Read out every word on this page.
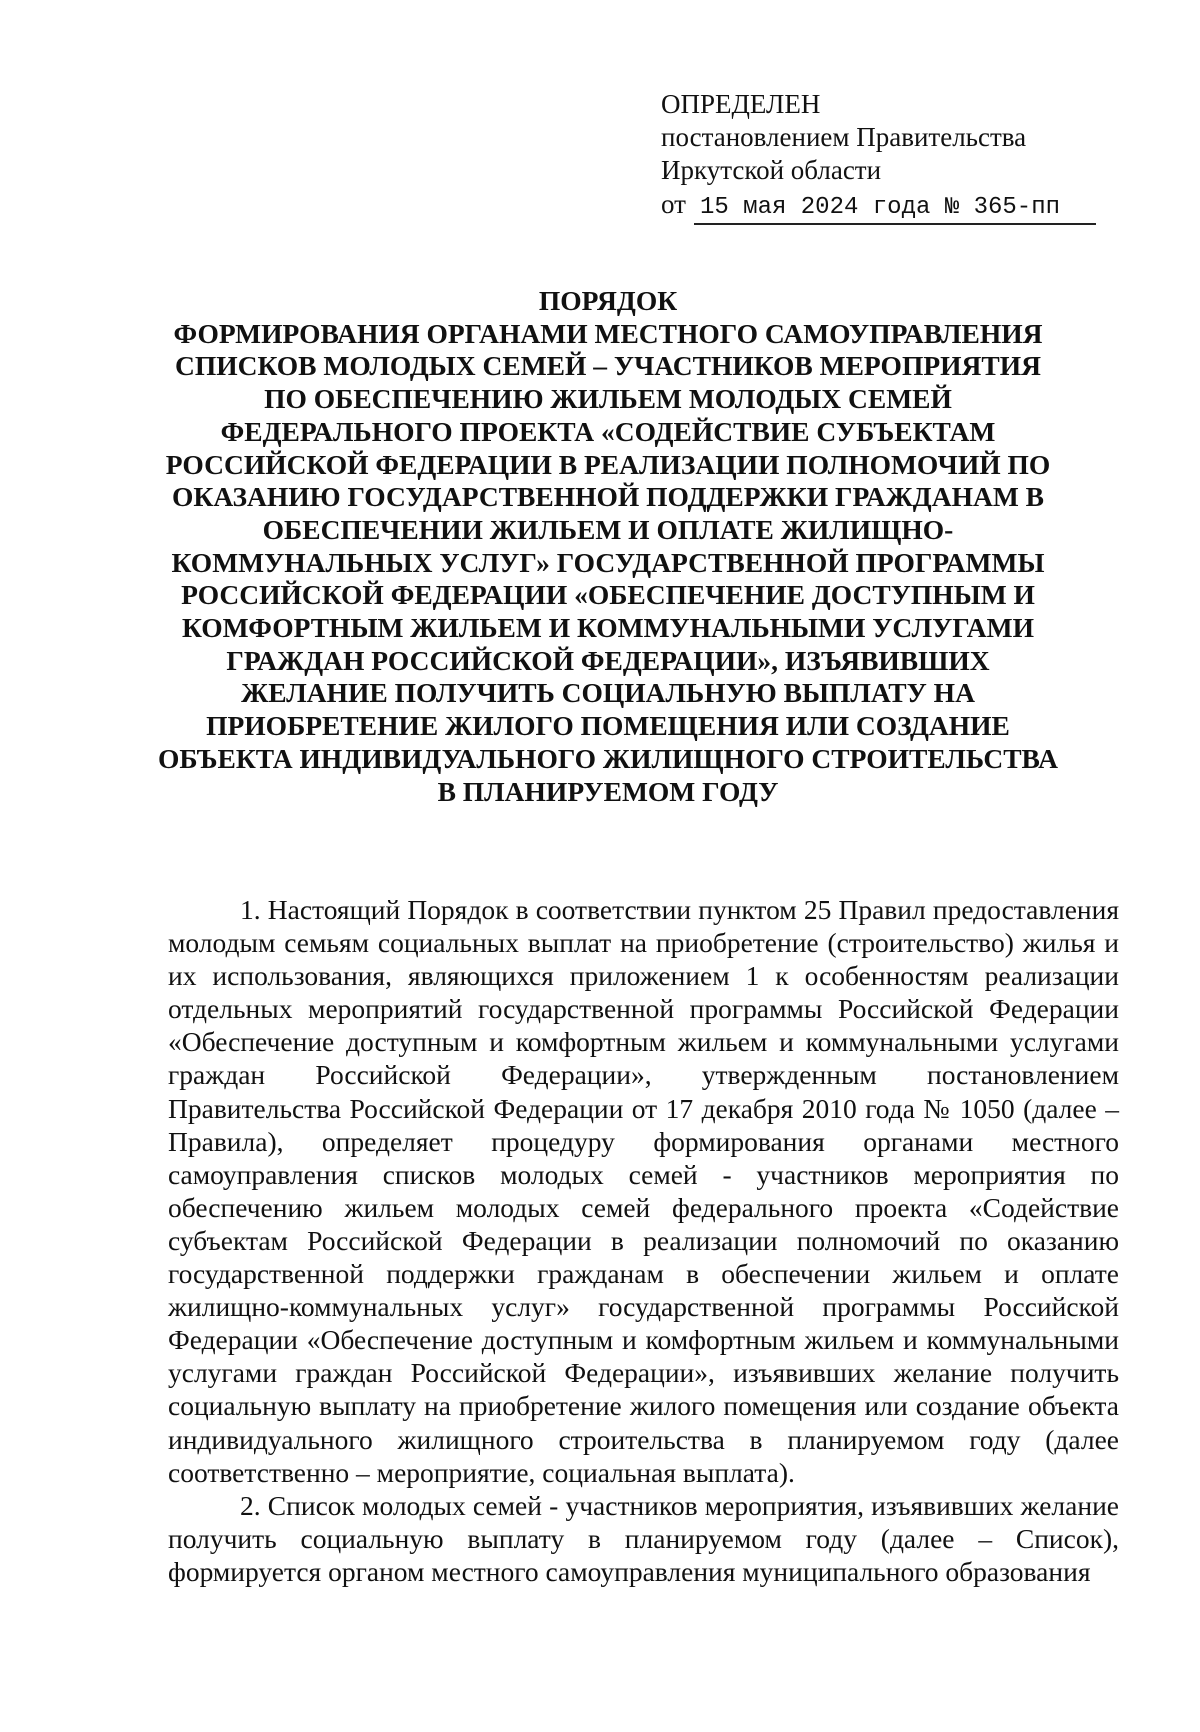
ОПРЕДЕЛЕН
постановлением Правительства
Иркутской области
от 15 мая 2024 года № 365-пп
ПОРЯДОК
ФОРМИРОВАНИЯ ОРГАНАМИ МЕСТНОГО САМОУПРАВЛЕНИЯ
СПИСКОВ МОЛОДЫХ СЕМЕЙ – УЧАСТНИКОВ МЕРОПРИЯТИЯ
ПО ОБЕСПЕЧЕНИЮ ЖИЛЬЕМ МОЛОДЫХ СЕМЕЙ
ФЕДЕРАЛЬНОГО ПРОЕКТА «СОДЕЙСТВИЕ СУБЪЕКТАМ
РОССИЙСКОЙ ФЕДЕРАЦИИ В РЕАЛИЗАЦИИ ПОЛНОМОЧИЙ ПО
ОКАЗАНИЮ ГОСУДАРСТВЕННОЙ ПОДДЕРЖКИ ГРАЖДАНАМ В
ОБЕСПЕЧЕНИИ ЖИЛЬЕМ И ОПЛАТЕ ЖИЛИЩНО-
КОММУНАЛЬНЫХ УСЛУГ» ГОСУДАРСТВЕННОЙ ПРОГРАММЫ
РОССИЙСКОЙ ФЕДЕРАЦИИ «ОБЕСПЕЧЕНИЕ ДОСТУПНЫМ И
КОМФОРТНЫМ ЖИЛЬЕМ И КОММУНАЛЬНЫМИ УСЛУГАМИ
ГРАЖДАН РОССИЙСКОЙ ФЕДЕРАЦИИ», ИЗЪЯВИВШИХ
ЖЕЛАНИЕ ПОЛУЧИТЬ СОЦИАЛЬНУЮ ВЫПЛАТУ НА
ПРИОБРЕТЕНИЕ ЖИЛОГО ПОМЕЩЕНИЯ ИЛИ СОЗДАНИЕ
ОБЪЕКТА ИНДИВИДУАЛЬНОГО ЖИЛИЩНОГО СТРОИТЕЛЬСТВА
В ПЛАНИРУЕМОМ ГОДУ

1. Настоящий Порядок в соответствии пунктом 25 Правил предоставления молодым семьям социальных выплат на приобретение (строительство) жилья и их использования, являющихся приложением 1 к особенностям реализации отдельных мероприятий государственной программы Российской Федерации «Обеспечение доступным и комфортным жильем и коммунальными услугами граждан Российской Федерации», утвержденным постановлением Правительства Российской Федерации от 17 декабря 2010 года № 1050 (далее – Правила), определяет процедуру формирования органами местного самоуправления списков молодых семей - участников мероприятия по обеспечению жильем молодых семей федерального проекта «Содействие субъектам Российской Федерации в реализации полномочий по оказанию государственной поддержки гражданам в обеспечении жильем и оплате жилищно-коммунальных услуг» государственной программы Российской Федерации «Обеспечение доступным и комфортным жильем и коммунальными услугами граждан Российской Федерации», изъявивших желание получить социальную выплату на приобретение жилого помещения или создание объекта индивидуального жилищного строительства в планируемом году (далее соответственно – мероприятие, социальная выплата).

2. Список молодых семей - участников мероприятия, изъявивших желание получить социальную выплату в планируемом году (далее – Список), формируется органом местного самоуправления муниципального образования
